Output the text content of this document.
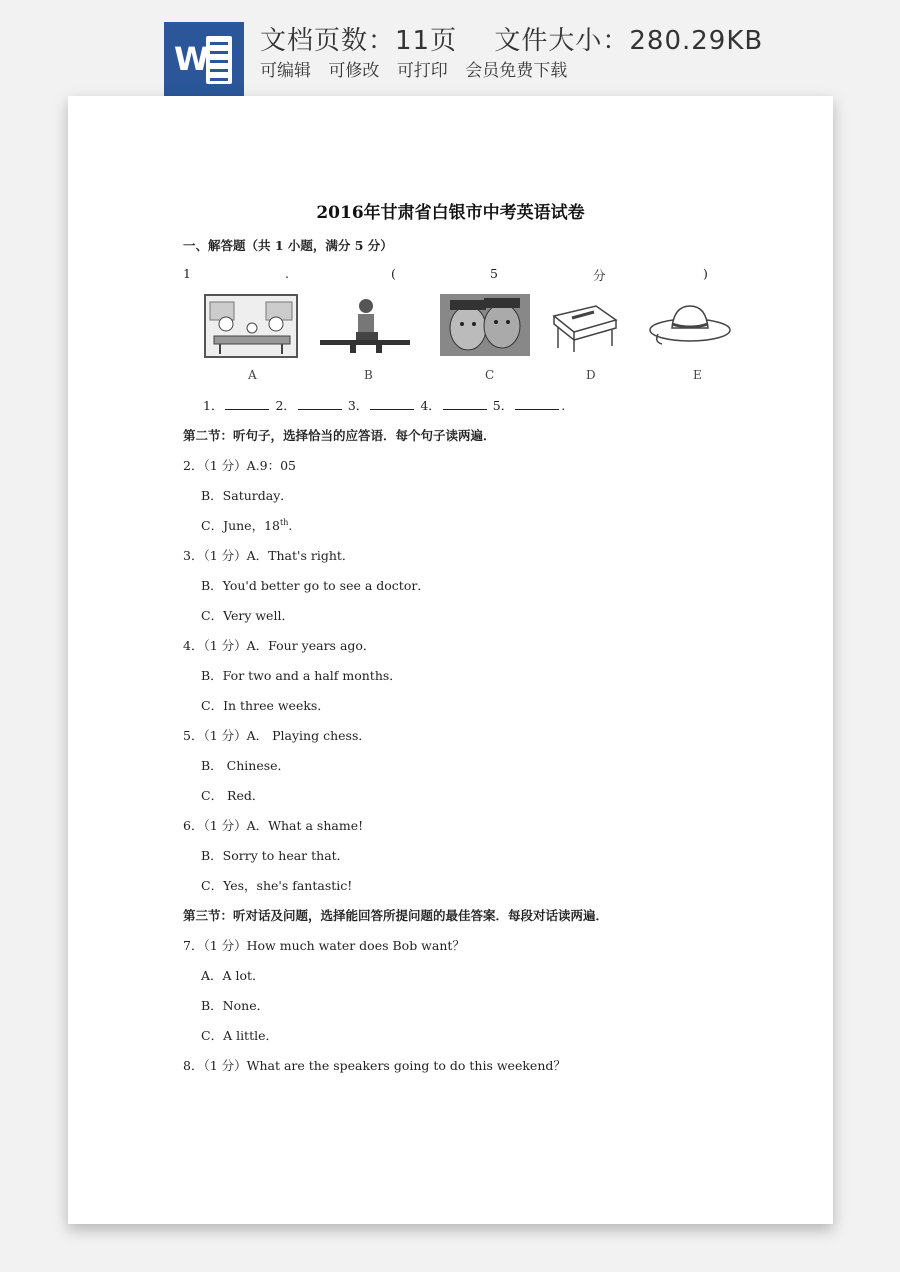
W 文档页数：11页 文件大小：280.29KB
可编辑 可修改 可打印 会员免费下载
2016年甘肃省白银市中考英语试卷
一、解答题（共 1 小题，满分 5 分）
1	.	(	5	分	)
A	B	C	D	E
1．	2．	3．	4．	5．	.
第二节：听句子，选择恰当的应答语．每个句子读两遍．
2．（1 分）A.9：05
B．Saturday．
C．June，18th.
3．（1 分）A．That's right．
B．You'd better go to see a doctor．
C．Very well．
4．（1 分）A．Four years ago．
B．For two and a half months．
C．In three weeks．
5．（1 分）A． Playing chess．
B． Chinese．
C． Red．
6．（1 分）A．What a shame!
B．Sorry to hear that．
C．Yes，she's fantastic!
第三节：听对话及问题，选择能回答所提问题的最佳答案．每段对话读两遍．
7．（1 分）How much water does Bob want？
A．A lot．
B．None．
C．A little．
8．（1 分）What are the speakers going to do this weekend？
